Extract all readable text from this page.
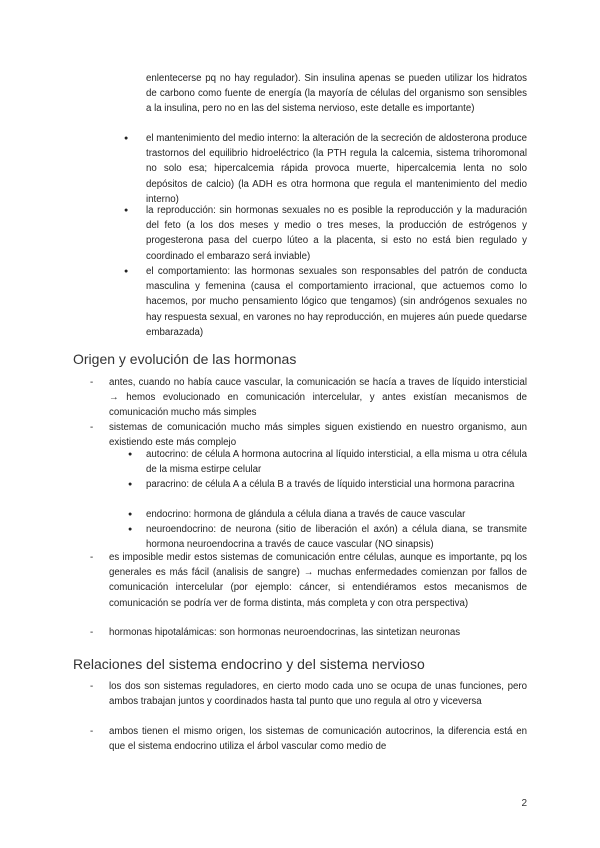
enlentecerse pq no hay regulador). Sin insulina apenas se pueden utilizar los hidratos de carbono como fuente de energía (la mayoría de células del organismo son sensibles a la insulina, pero no en las del sistema nervioso, este detalle es importante)

● el mantenimiento del medio interno: la alteración de la secreción de aldosterona produce trastornos del equilibrio hidroeléctrico (la PTH regula la calcemia, sistema trihoromonal no solo esa; hipercalcemia rápida provoca muerte, hipercalcemia lenta no solo depósitos de calcio) (la ADH es otra hormona que regula el mantenimiento del medio interno)

● la reproducción: sin hormonas sexuales no es posible la reproducción y la maduración del feto (a los dos meses y medio o tres meses, la producción de estrógenos y progesterona pasa del cuerpo lúteo a la placenta, si esto no está bien regulado y coordinado el embarazo será inviable)

● el comportamiento: las hormonas sexuales son responsables del patrón de conducta masculina y femenina (causa el comportamiento irracional, que actuemos como lo hacemos, por mucho pensamiento lógico que tengamos) (sin andrógenos sexuales no hay respuesta sexual, en varones no hay reproducción, en mujeres aún puede quedarse embarazada)

Origen y evolución de las hormonas
- antes, cuando no había cauce vascular, la comunicación se hacía a traves de líquido intersticial → hemos evolucionado en comunicación intercelular, y antes existían mecanismos de comunicación mucho más simples

- sistemas de comunicación mucho más simples siguen existiendo en nuestro organismo, aun existiendo este más complejo

● autocrino: de célula A hormona autocrina al líquido intersticial, a ella misma u otra célula de la misma estirpe celular

● paracrino: de célula A a célula B a través de líquido intersticial una hormona paracrina

● endocrino: hormona de glándula a célula diana a través de cauce vascular

● neuroendocrino: de neurona (sitio de liberación el axón) a célula diana, se transmite hormona neuroendocrina a través de cauce vascular (NO sinapsis)

- es imposible medir estos sistemas de comunicación entre células, aunque es importante, pq los generales es más fácil (analisis de sangre) → muchas enfermedades comienzan por fallos de comunicación intercelular (por ejemplo: cáncer, si entendiéramos estos mecanismos de comunicación se podría ver de forma distinta, más completa y con otra perspectiva)

- hormonas hipotalámicas: son hormonas neuroendocrinas, las sintetizan neuronas

Relaciones del sistema endocrino y del sistema nervioso
- los dos son sistemas reguladores, en cierto modo cada uno se ocupa de unas funciones, pero ambos trabajan juntos y coordinados hasta tal punto que uno regula al otro y viceversa

- ambos tienen el mismo origen, los sistemas de comunicación autocrinos, la diferencia está en que el sistema endocrino utiliza el árbol vascular como medio de

2
